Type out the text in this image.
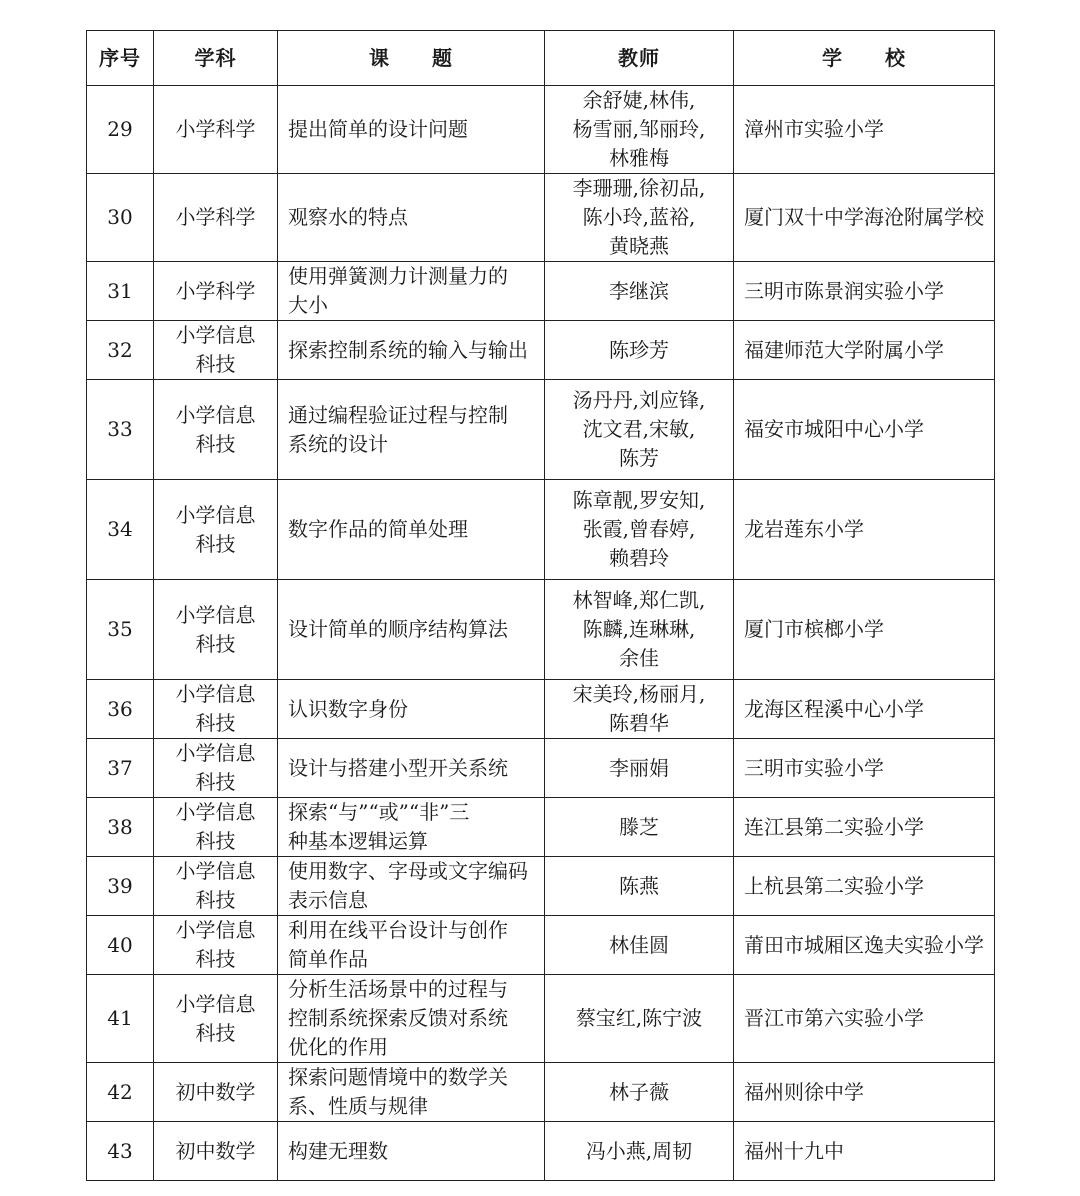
序号	学科	课　　题	教师	学　　校
29	小学科学	提出简单的设计问题	余舒婕,林伟,
杨雪丽,邹丽玲,
林雅梅	漳州市实验小学
30	小学科学	观察水的特点	李珊珊,徐初品,
陈小玲,蓝裕,
黄晓燕	厦门双十中学海沧附属学校
31	小学科学	使用弹簧测力计测量力的
大小	李继滨	三明市陈景润实验小学
32	小学信息
科技	探索控制系统的输入与输出	陈珍芳	福建师范大学附属小学
33	小学信息
科技	通过编程验证过程与控制
系统的设计	汤丹丹,刘应锋,
沈文君,宋敏,
陈芳	福安市城阳中心小学
34	小学信息
科技	数字作品的简单处理	陈章靓,罗安知,
张霞,曾春婷,
赖碧玲	龙岩莲东小学
35	小学信息
科技	设计简单的顺序结构算法	林智峰,郑仁凯,
陈麟,连琳琳,
余佳	厦门市槟榔小学
36	小学信息
科技	认识数字身份	宋美玲,杨丽月,
陈碧华	龙海区程溪中心小学
37	小学信息
科技	设计与搭建小型开关系统	李丽娟	三明市实验小学
38	小学信息
科技	探索“与”“或”“非”三
种基本逻辑运算	滕芝	连江县第二实验小学
39	小学信息
科技	使用数字、字母或文字编码
表示信息	陈燕	上杭县第二实验小学
40	小学信息
科技	利用在线平台设计与创作
简单作品	林佳圆	莆田市城厢区逸夫实验小学
41	小学信息
科技	分析生活场景中的过程与
控制系统探索反馈对系统
优化的作用	蔡宝红,陈宁波	晋江市第六实验小学
42	初中数学	探索问题情境中的数学关
系、性质与规律	林子薇	福州则徐中学
43	初中数学	构建无理数	冯小燕,周韧	福州十九中
